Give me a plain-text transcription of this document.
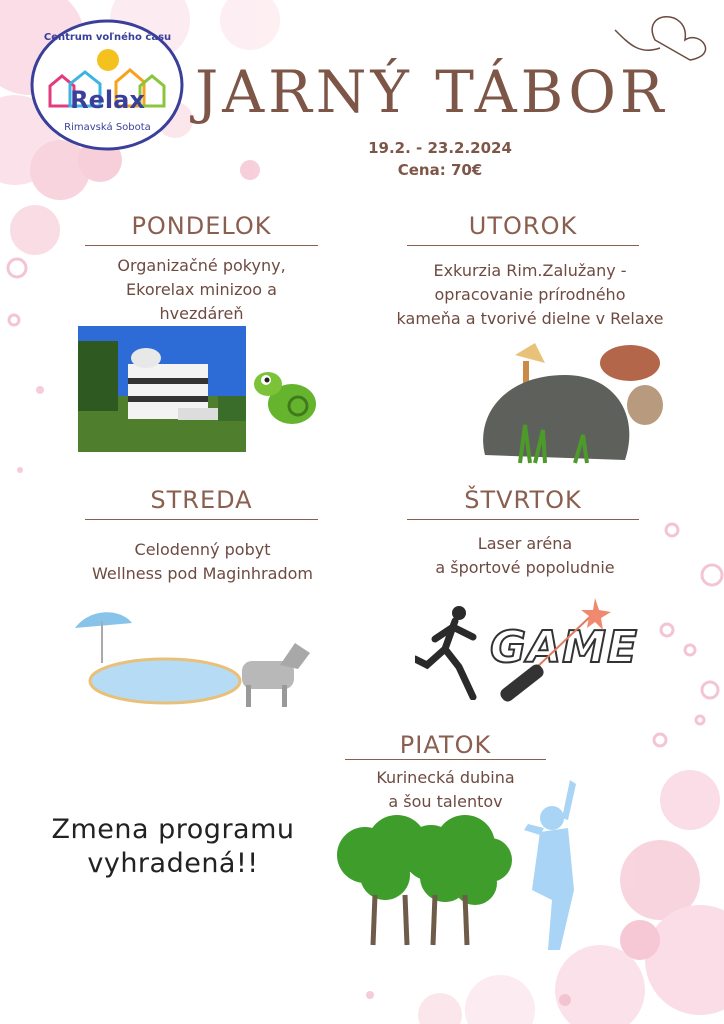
Centrum voľného času
Relax
Rimavská Sobota
JARNÝ TÁBOR
19.2. - 23.2.2024
Cena: 70€
PONDELOK
Organizačné pokyny,
Ekorelax minizoo a
hvezdáreň
UTOROK
Exkurzia Rim.Zalužany -
opracovanie prírodného
kameňa a tvorivé dielne v Relaxe
STREDA
Celodenný pobyt
Wellness pod Maginhradom
ŠTVRTOK
Laser aréna
a športové popoludnie
GAME
PIATOK
Kurinecká dubina
a šou talentov
Zmena programu
vyhradená!!
